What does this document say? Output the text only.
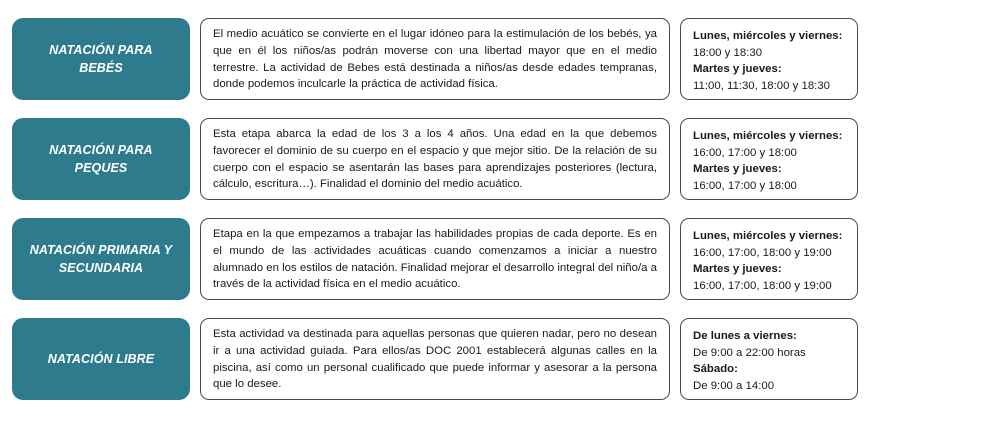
NATACIÓN PARA BEBÉS

El medio acuático se convierte en el lugar idóneo para la estimulación de los bebés, ya que en él los niños/as podrán moverse con una libertad mayor que en el medio terrestre. La actividad de Bebes está destinada a niños/as desde edades tempranas, donde podemos inculcarle la práctica de actividad física.

Lunes, miércoles y viernes:
18:00 y 18:30
Martes y jueves:
11:00, 11:30, 18:00 y 18:30
NATACIÓN PARA PEQUES

Esta etapa abarca la edad de los 3 a los 4 años. Una edad en la que debemos favorecer el dominio de su cuerpo en el espacio y que mejor sitio. De la relación de su cuerpo con el espacio se asentarán las bases para aprendizajes posteriores (lectura, cálculo, escritura…). Finalidad el dominio del medio acuático.

Lunes, miércoles y viernes:
16:00, 17:00 y 18:00
Martes y jueves:
16:00, 17:00 y 18:00
NATACIÓN PRIMARIA Y SECUNDARIA

Etapa en la que empezamos a trabajar las habilidades propias de cada deporte. Es en el mundo de las actividades acuáticas cuando comenzamos a iniciar a nuestro alumnado en los estilos de natación. Finalidad mejorar el desarrollo integral del niño/a a través de la actividad física en el medio acuático.

Lunes, miércoles y viernes:
16:00, 17:00, 18:00 y 19:00
Martes y jueves:
16:00, 17:00, 18:00 y 19:00
NATACIÓN LIBRE

Esta actividad va destinada para aquellas personas que quieren nadar, pero no desean ir a una actividad guiada. Para ellos/as DOC 2001 establecerá algunas calles en la piscina, así como un personal cualificado que puede informar y asesorar a la persona que lo desee.

De lunes a viernes:
De 9:00 a 22:00 horas
Sábado:
De 9:00 a 14:00
